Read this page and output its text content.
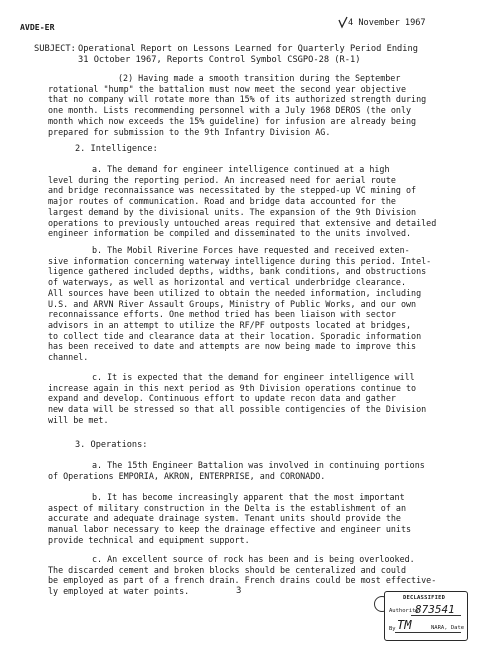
AVDE-ER	4 November 1967
SUBJECT: Operational Report on Lessons Learned for Quarterly Period Ending
31 October 1967, Reports Control Symbol CSGPO-28 (R-1)
(2) Having made a smooth transition during the September
rotational "hump" the battalion must now meet the second year objective
that no company will rotate more than 15% of its authorized strength during
one month. Lists recommending personnel with a July 1968 DEROS (the only
month which now exceeds the 15% guideline) for infusion are already being
prepared for submission to the 9th Infantry Division AG.
2. Intelligence:
a. The demand for engineer intelligence continued at a high
level during the reporting period. An increased need for aerial route
and bridge reconnaissance was necessitated by the stepped-up VC mining of
major routes of communication. Road and bridge data accounted for the
largest demand by the divisional units. The expansion of the 9th Division
operations to previously untouched areas required that extensive and detailed
engineer information be compiled and disseminated to the units involved.
b. The Mobil Riverine Forces have requested and received exten-
sive information concerning waterway intelligence during this period. Intel-
ligence gathered included depths, widths, bank conditions, and obstructions
of waterways, as well as horizontal and vertical underbridge clearance.
All sources have been utilized to obtain the needed information, including
U.S. and ARVN River Assault Groups, Ministry of Public Works, and our own
reconnaissance efforts. One method tried has been liaison with sector
advisors in an attempt to utilize the RF/PF outposts located at bridges,
to collect tide and clearance data at their location. Sporadic information
has been received to date and attempts are now being made to improve this
channel.
c. It is expected that the demand for engineer intelligence will
increase again in this next period as 9th Division operations continue to
expand and develop. Continuous effort to update recon data and gather
new data will be stressed so that all possible contigencies of the Division
will be met.
3. Operations:
a. The 15th Engineer Battalion was involved in continuing portions
of Operations EMPORIA, AKRON, ENTERPRISE, and CORONADO.
b. It has become increasingly apparent that the most important
aspect of military construction in the Delta is the establishment of an
accurate and adequate drainage system. Tenant units should provide the
manual labor necessary to keep the drainage effective and engineer units
provide technical and equipment support.
c. An excellent source of rock has been and is being overlooked.
The discarded cement and broken blocks should be centeralized and could
be employed as part of a french drain. French drains could be most effective-
ly employed at water points.	3
DECLASSIFIED
Authority
873541
By TM	NARA, Date
